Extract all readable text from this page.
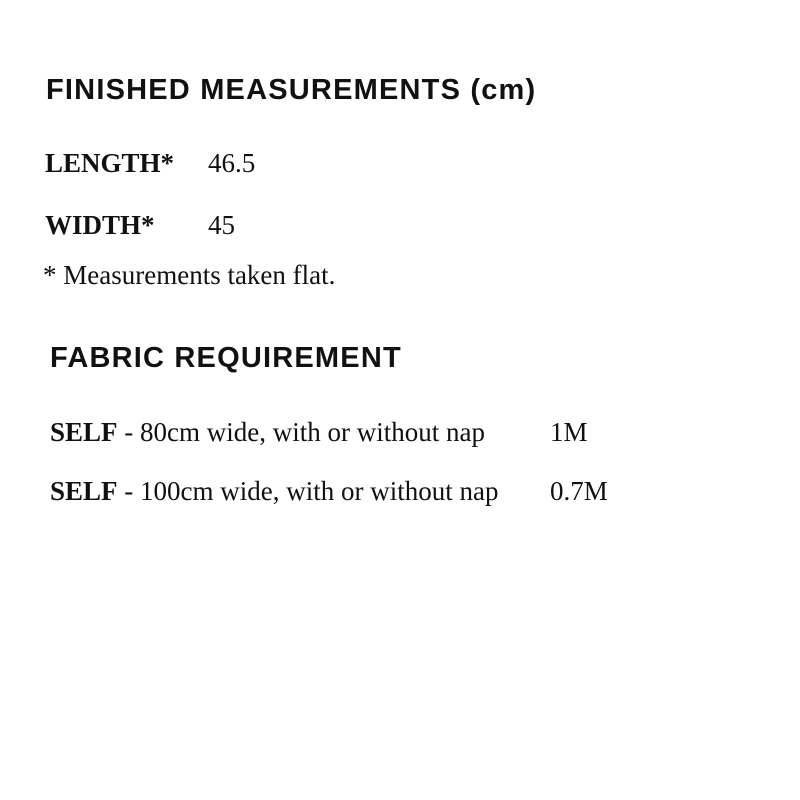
FINISHED MEASUREMENTS (cm)
LENGTH* 46.5
WIDTH* 45
* Measurements taken flat.
FABRIC REQUIREMENT
SELF - 80cm wide, with or without nap 1M
SELF - 100cm wide, with or without nap 0.7M
